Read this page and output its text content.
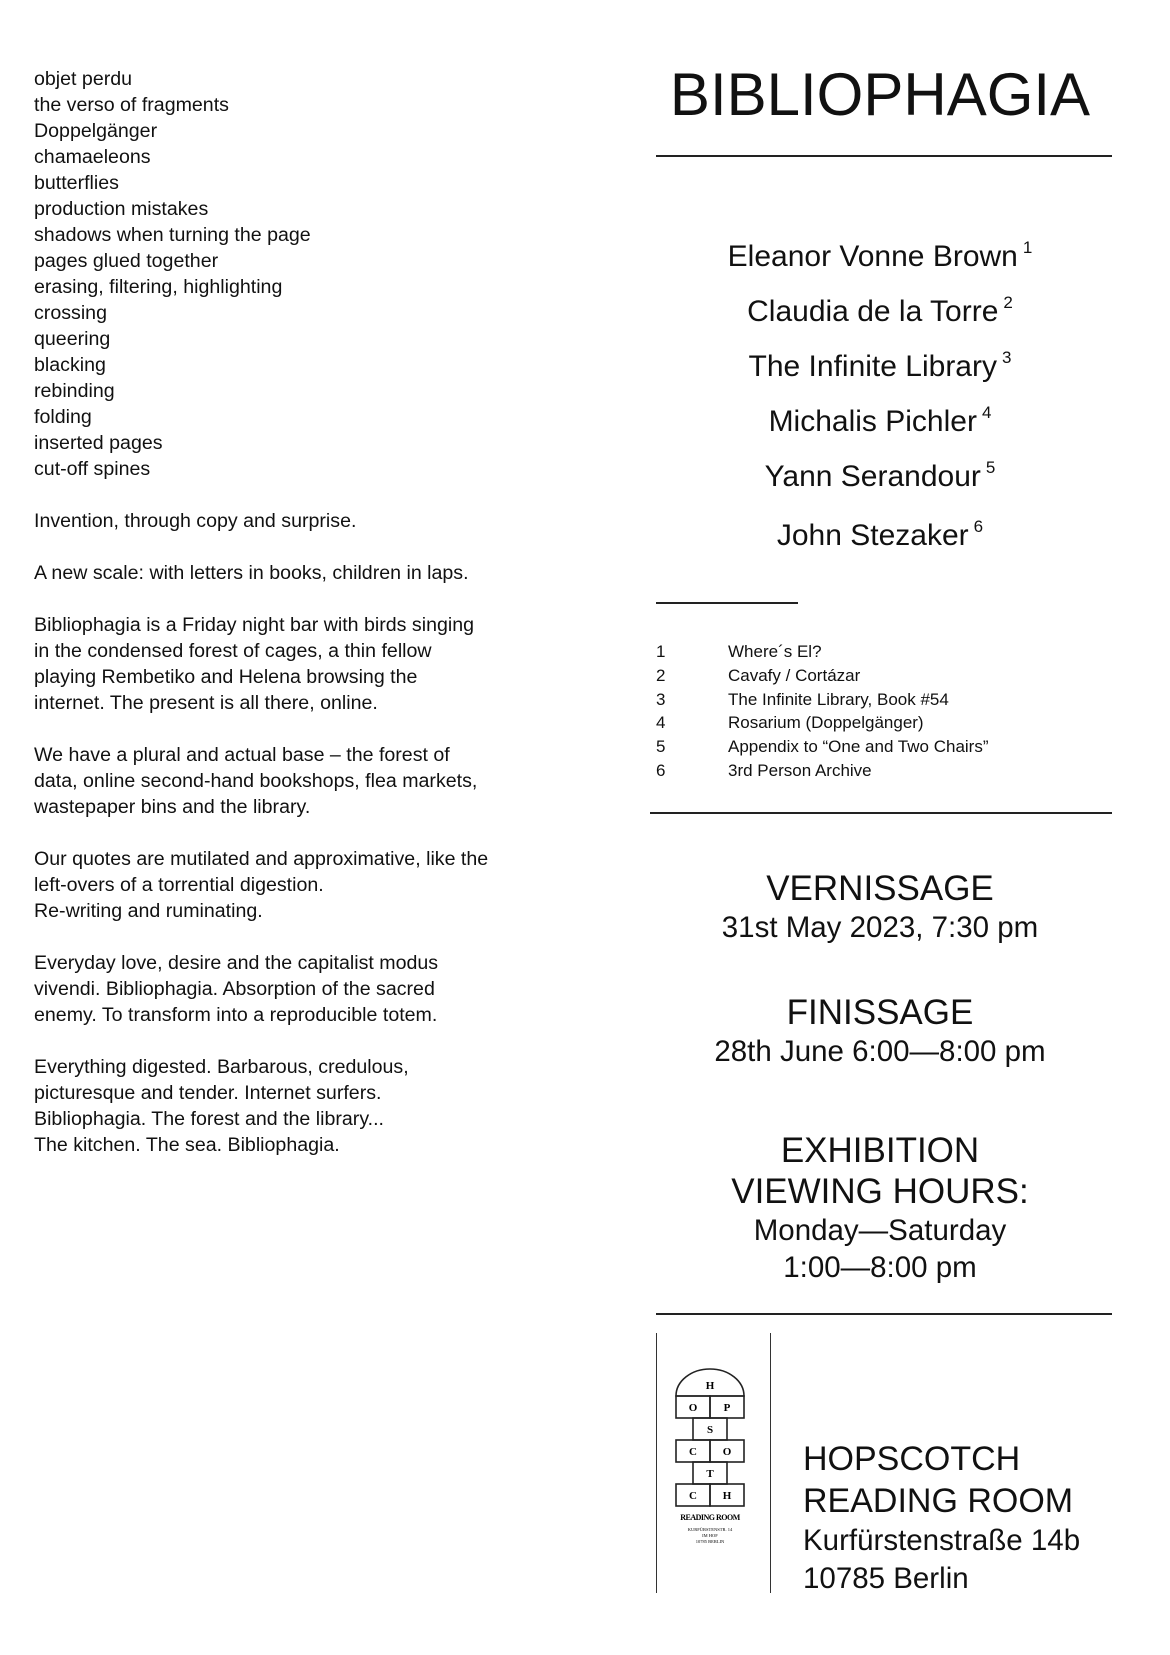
objet perdu
the verso of fragments
Doppelgänger
chamaeleons
butterflies
production mistakes
shadows when turning the page
pages glued together
erasing, filtering, highlighting
crossing
queering
blacking
rebinding
folding
inserted pages
cut-off spines
Invention, through copy and surprise.
A new scale: with letters in books, children in laps.
Bibliophagia is a Friday night bar with birds singing
in the condensed forest of cages, a thin fellow
playing Rembetiko and Helena browsing the
internet. The present is all there, online.
We have a plural and actual base – the forest of
data, online second-hand bookshops, flea markets,
wastepaper bins and the library.
Our quotes are mutilated and approximative, like the
left-overs of a torrential digestion.
Re-writing and ruminating.
Everyday love, desire and the capitalist modus
vivendi. Bibliophagia. Absorption of the sacred
enemy. To transform into a reproducible totem.
Everything digested. Barbarous, credulous,
picturesque and tender. Internet surfers.
Bibliophagia. The forest and the library...
The kitchen. The sea. Bibliophagia.
BIBLIOPHAGIA
Eleanor Vonne Brown $^1$
Claudia de la Torre $^2$
The Infinite Library $^3$
Michalis Pichler $^4$
Yann Serandour $^5$
John Stezaker $^6$
1	Where´s El?
2	Cavafy / Cortázar
3	The Infinite Library, Book #54
4	Rosarium (Doppelgänger)
5	Appendix to “One and Two Chairs”
6	3rd Person Archive
VERNISSAGE
31st May 2023, 7:30 pm
FINISSAGE
28th June 6:00—8:00 pm
EXHIBITION
VIEWING HOURS:
Monday—Saturday
1:00—8:00 pm
H
O P
S
C O
T
C H
READING ROOM
KURFÜRSTENSTR. 14
IM HOF
10785 BERLIN
HOPSCOTCH
READING ROOM
Kurfürstenstraße 14b
10785 Berlin
